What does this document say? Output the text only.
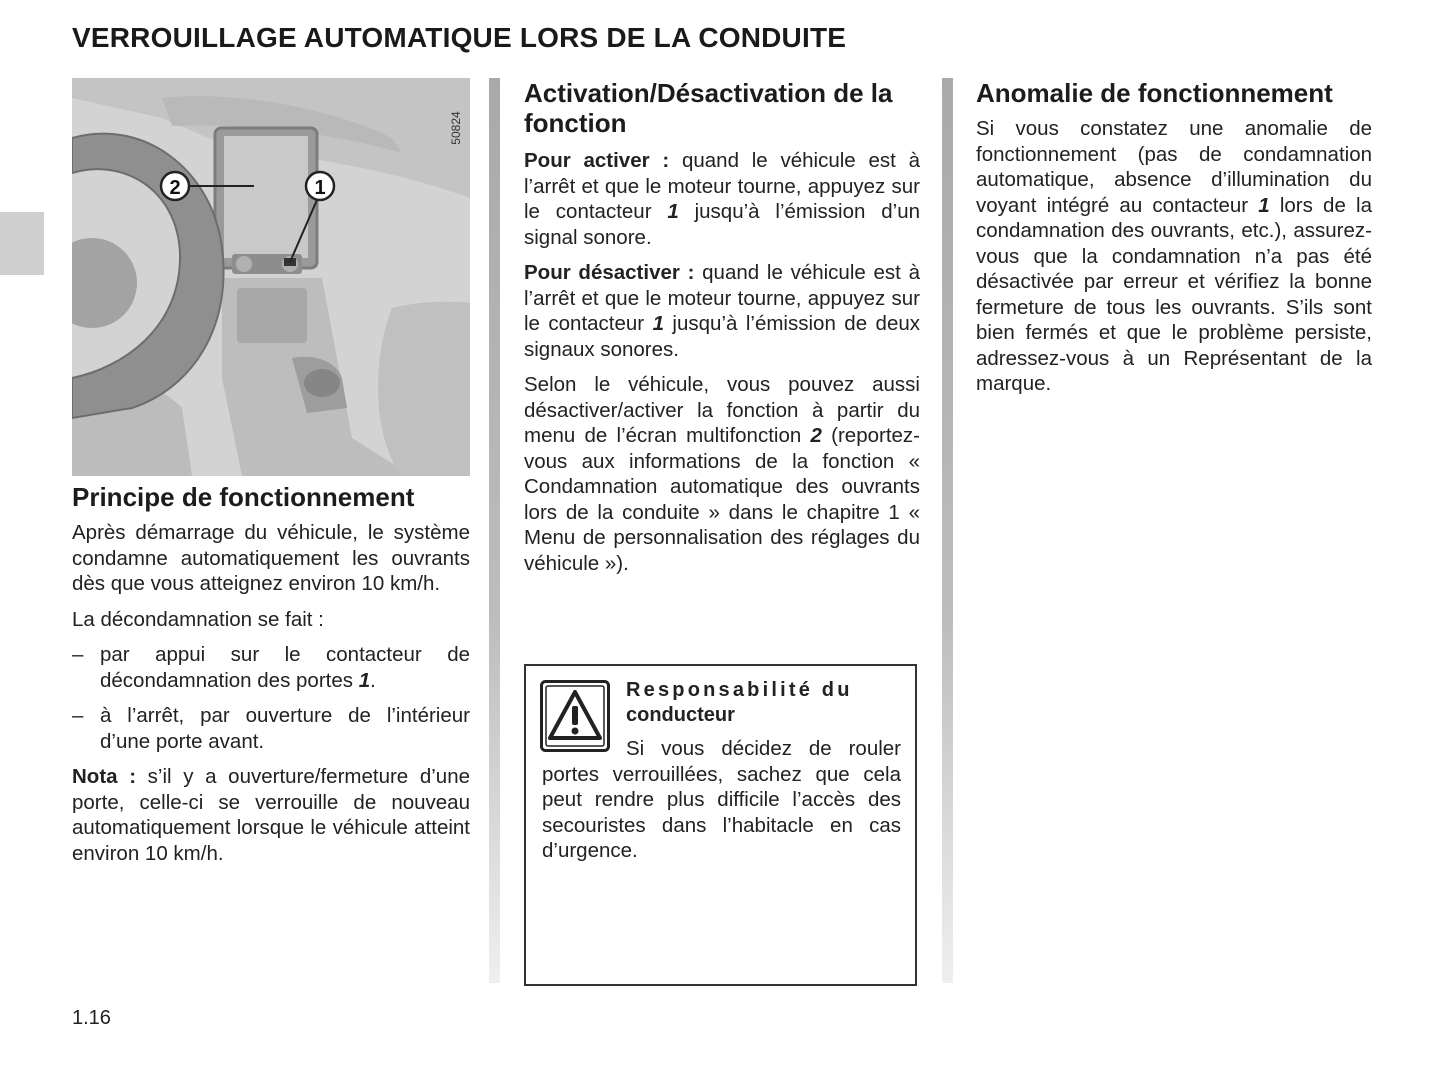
VERROUILLAGE AUTOMATIQUE LORS DE LA CONDUITE
2	1
50824
Principe de fonctionnement

Après démarrage du véhicule, le système condamne automatiquement les ouvrants dès que vous atteignez environ 10 km/h.

La décondamnation se fait :

– par appui sur le contacteur de décondamnation des portes 1.

– à l’arrêt, par ouverture de l’intérieur d’une porte avant.

Nota : s’il y a ouverture/fermeture d’une porte, celle-ci se verrouille de nouveau automatiquement lorsque le véhicule atteint environ 10 km/h.

Activation/Désactivation de la fonction

Pour activer : quand le véhicule est à l’arrêt et que le moteur tourne, appuyez sur le contacteur 1 jusqu’à l’émission d’un signal sonore.

Pour désactiver : quand le véhicule est à l’arrêt et que le moteur tourne, appuyez sur le contacteur 1 jusqu’à l’émission de deux signaux sonores.

Selon le véhicule, vous pouvez aussi désactiver/activer la fonction à partir du menu de l’écran multifonction 2 (reportez-vous aux informations de la fonction « Condamnation automatique des ouvrants lors de la conduite » dans le chapitre 1 « Menu de personnalisation des réglages du véhicule »).

Responsabilité du
conducteur

Si vous décidez de rouler portes verrouillées, sachez que cela peut rendre plus difficile l’accès des secouristes dans l’habitacle en cas d’urgence.

Anomalie de fonctionnement

Si vous constatez une anomalie de fonctionnement (pas de condamnation automatique, absence d’illumination du voyant intégré au contacteur 1 lors de la condamnation des ouvrants, etc.), assurez-vous que la condamnation n’a pas été désactivée par erreur et vérifiez la bonne fermeture de tous les ouvrants. S’ils sont bien fermés et que le problème persiste, adressez-vous à un Représentant de la marque.

1.16
